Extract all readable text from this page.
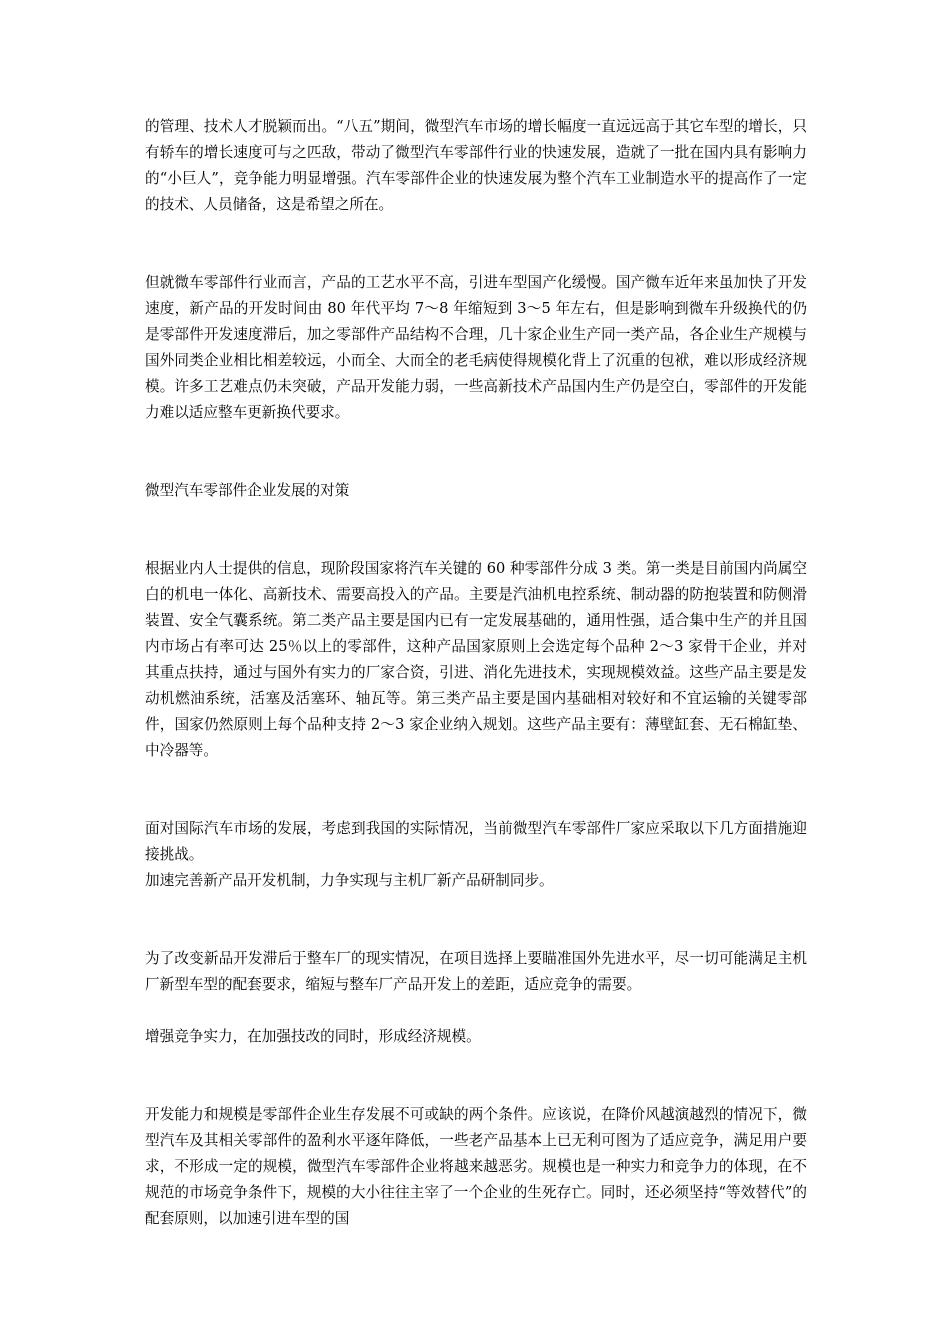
的管理、技术人才脱颖而出。“八五”期间，微型汽车市场的增长幅度一直远远高于其它车型的增长，只有轿车的增长速度可与之匹敌，带动了微型汽车零部件行业的快速发展，造就了一批在国内具有影响力的“小巨人”，竞争能力明显增强。汽车零部件企业的快速发展为整个汽车工业制造水平的提高作了一定的技术、人员储备，这是希望之所在。

但就微车零部件行业而言，产品的工艺水平不高，引进车型国产化缓慢。国产微车近年来虽加快了开发速度，新产品的开发时间由 80 年代平均 7～8 年缩短到 3～5 年左右，但是影响到微车升级换代的仍是零部件开发速度滞后，加之零部件产品结构不合理，几十家企业生产同一类产品，各企业生产规模与国外同类企业相比相差较远，小而全、大而全的老毛病使得规模化背上了沉重的包袱，难以形成经济规模。许多工艺难点仍未突破，产品开发能力弱，一些高新技术产品国内生产仍是空白，零部件的开发能力难以适应整车更新换代要求。

微型汽车零部件企业发展的对策

根据业内人士提供的信息，现阶段国家将汽车关键的 60 种零部件分成 3 类。第一类是目前国内尚属空白的机电一体化、高新技术、需要高投入的产品。主要是汽油机电控系统、制动器的防抱装置和防侧滑装置、安全气囊系统。第二类产品主要是国内已有一定发展基础的，通用性强，适合集中生产的并且国内市场占有率可达 25％以上的零部件，这种产品国家原则上会选定每个品种 2～3 家骨干企业，并对其重点扶持，通过与国外有实力的厂家合资，引进、消化先进技术，实现规模效益。这些产品主要是发动机燃油系统，活塞及活塞环、轴瓦等。第三类产品主要是国内基础相对较好和不宜运输的关键零部件，国家仍然原则上每个品种支持 2～3 家企业纳入规划。这些产品主要有：薄壁缸套、无石棉缸垫、中冷器等。

面对国际汽车市场的发展，考虑到我国的实际情况，当前微型汽车零部件厂家应采取以下几方面措施迎接挑战。

加速完善新产品开发机制，力争实现与主机厂新产品研制同步。

为了改变新品开发滞后于整车厂的现实情况，在项目选择上要瞄准国外先进水平，尽一切可能满足主机厂新型车型的配套要求，缩短与整车厂产品开发上的差距，适应竞争的需要。

增强竞争实力，在加强技改的同时，形成经济规模。

开发能力和规模是零部件企业生存发展不可或缺的两个条件。应该说，在降价风越演越烈的情况下，微型汽车及其相关零部件的盈利水平逐年降低，一些老产品基本上已无利可图为了适应竞争，满足用户要求，不形成一定的规模，微型汽车零部件企业将越来越恶劣。规模也是一种实力和竞争力的体现，在不规范的市场竞争条件下，规模的大小往往主宰了一个企业的生死存亡。同时，还必须坚持“等效替代”的配套原则，以加速引进车型的国
